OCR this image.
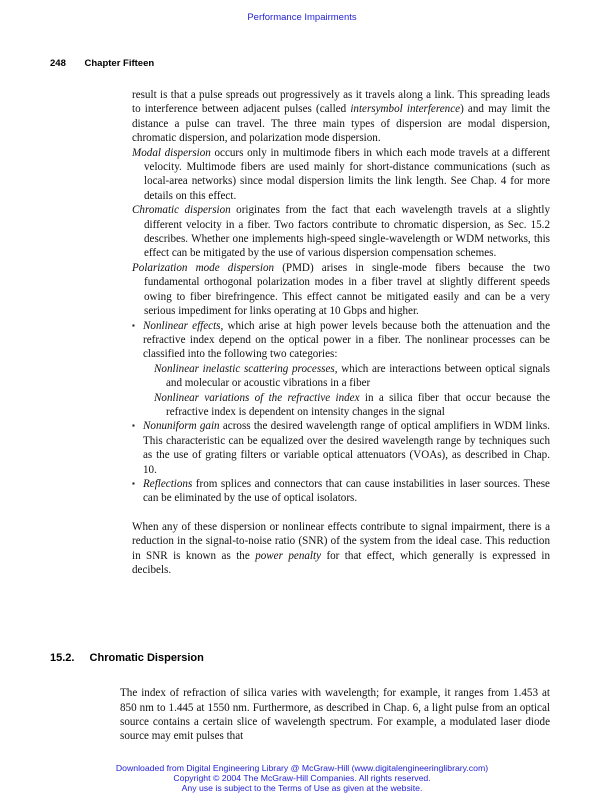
Performance Impairments
248 Chapter Fifteen

result is that a pulse spreads out progressively as it travels along a link. This spreading leads to interference between adjacent pulses (called intersymbol interference) and may limit the distance a pulse can travel. The three main types of dispersion are modal dispersion, chromatic dispersion, and polarization mode dispersion.

Modal dispersion occurs only in multimode fibers in which each mode travels at a different velocity. Multimode fibers are used mainly for short-distance communications (such as local-area networks) since modal dispersion limits the link length. See Chap. 4 for more details on this effect.

Chromatic dispersion originates from the fact that each wavelength travels at a slightly different velocity in a fiber. Two factors contribute to chromatic dispersion, as Sec. 15.2 describes. Whether one implements high-speed single-wavelength or WDM networks, this effect can be mitigated by the use of various dispersion compensation schemes.

Polarization mode dispersion (PMD) arises in single-mode fibers because the two fundamental orthogonal polarization modes in a fiber travel at slightly different speeds owing to fiber birefringence. This effect cannot be mitigated easily and can be a very serious impediment for links operating at 10 Gbps and higher.

▪ Nonlinear effects, which arise at high power levels because both the attenuation and the refractive index depend on the optical power in a fiber. The nonlinear processes can be classified into the following two categories:

Nonlinear inelastic scattering processes, which are interactions between optical signals and molecular or acoustic vibrations in a fiber

Nonlinear variations of the refractive index in a silica fiber that occur because the refractive index is dependent on intensity changes in the signal

▪ Nonuniform gain across the desired wavelength range of optical amplifiers in WDM links. This characteristic can be equalized over the desired wavelength range by techniques such as the use of grating filters or variable optical attenuators (VOAs), as described in Chap. 10.
▪ Reflections from splices and connectors that can cause instabilities in laser sources. These can be eliminated by the use of optical isolators.

When any of these dispersion or nonlinear effects contribute to signal impairment, there is a reduction in the signal-to-noise ratio (SNR) of the system from the ideal case. This reduction in SNR is known as the power penalty for that effect, which generally is expressed in decibels.

15.2. Chromatic Dispersion

The index of refraction of silica varies with wavelength; for example, it ranges from 1.453 at 850 nm to 1.445 at 1550 nm. Furthermore, as described in Chap. 6, a light pulse from an optical source contains a certain slice of wavelength spectrum. For example, a modulated laser diode source may emit pulses that

Downloaded from Digital Engineering Library @ McGraw-Hill (www.digitalengineeringlibrary.com)
Copyright © 2004 The McGraw-Hill Companies. All rights reserved.
Any use is subject to the Terms of Use as given at the website.
